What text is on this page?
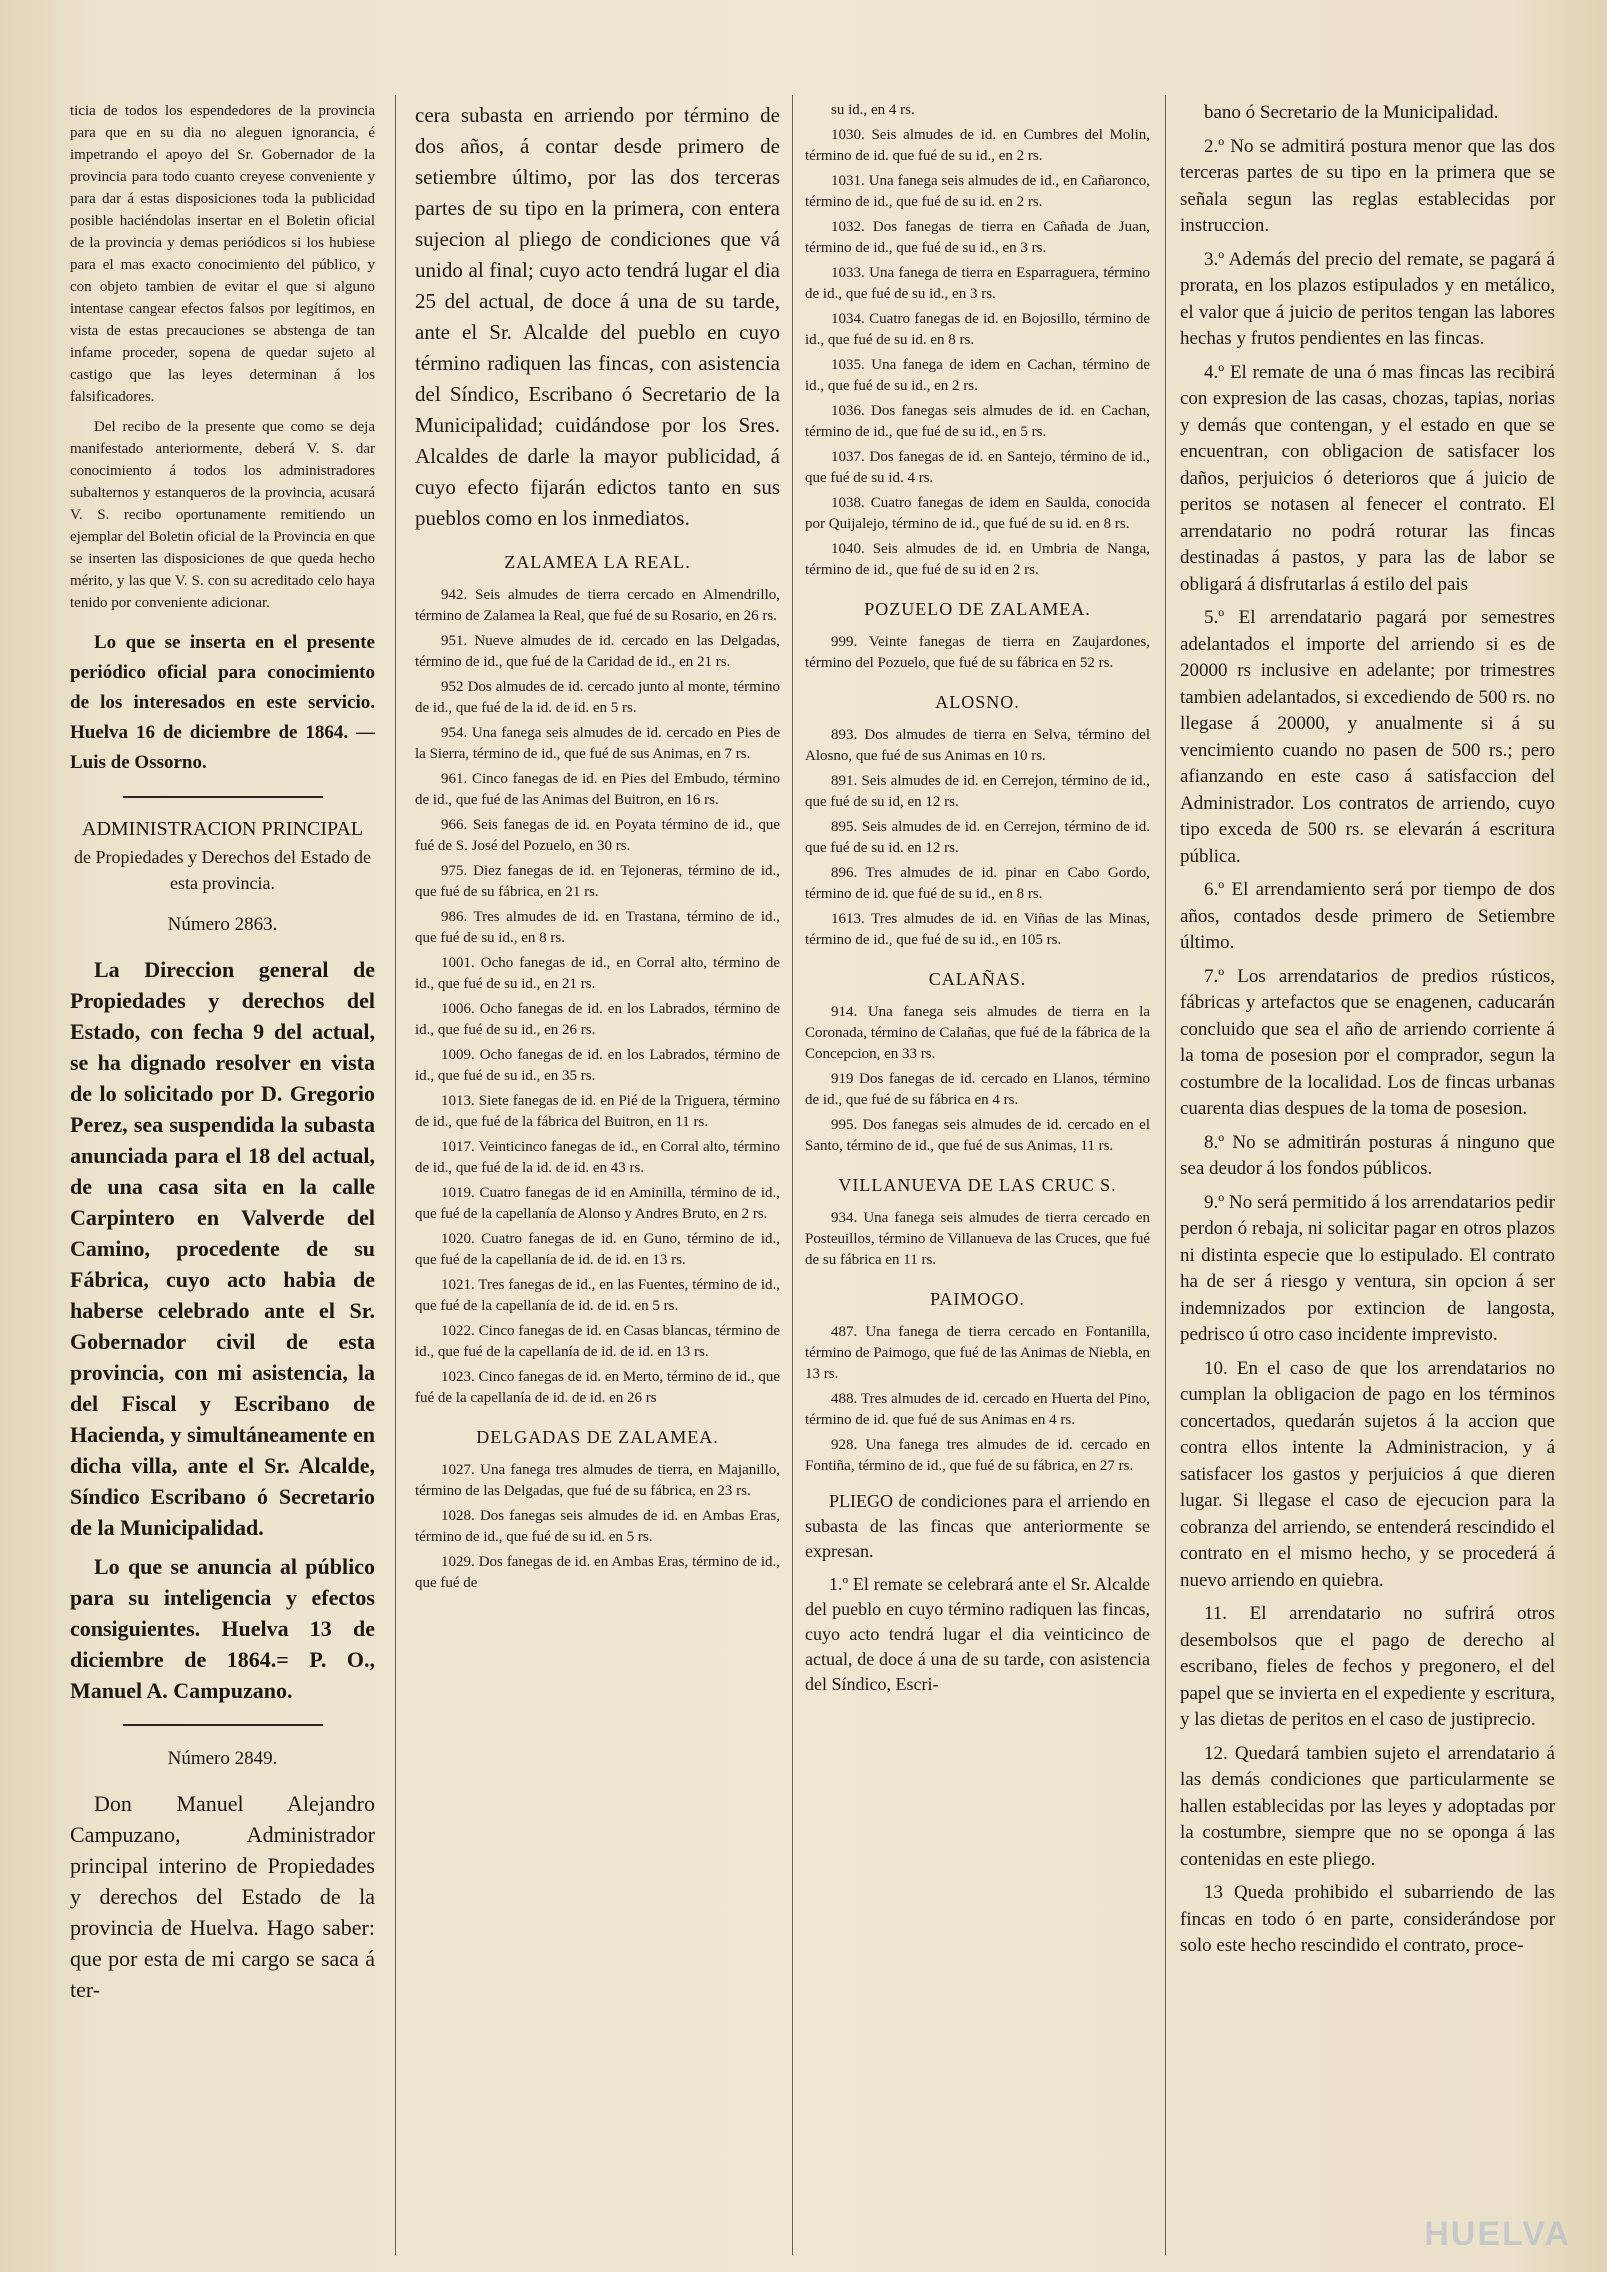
ticia de todos los espendedores de la provincia para que en su dia no aleguen ignorancia, é impetrando el apoyo del Sr. Gobernador de la provincia para todo cuanto creyese conveniente y para dar á estas disposiciones toda la publicidad posible haciéndolas insertar en el Boletin oficial de la provincia y demas periódicos si los hubiese para el mas exacto conocimiento del público, y con objeto tambien de evitar el que si alguno intentase cangear efectos falsos por legítimos, en vista de estas precauciones se abstenga de tan infame proceder, sopena de quedar sujeto al castigo que las leyes determinan á los falsificadores.

Del recibo de la presente que como se deja manifestado anteriormente, deberá V. S. dar conocimiento á todos los administradores subalternos y estanqueros de la provincia, acusará V. S. recibo oportunamente remitiendo un ejemplar del Boletin oficial de la Provincia en que se inserten las disposiciones de que queda hecho mérito, y las que V. S. con su acreditado celo haya tenido por conveniente adicionar.

Lo que se inserta en el presente periódico oficial para conocimiento de los interesados en este servicio. Huelva 16 de diciembre de 1864. —Luis de Ossorno.

ADMINISTRACION PRINCIPAL

de Propiedades y Derechos del Estado de esta provincia.

Número 2863.

La Direccion general de Propiedades y derechos del Estado, con fecha 9 del actual, se ha dignado resolver en vista de lo solicitado por D. Gregorio Perez, sea suspendida la subasta anunciada para el 18 del actual, de una casa sita en la calle Carpintero en Valverde del Camino, procedente de su Fábrica, cuyo acto habia de haberse celebrado ante el Sr. Gobernador civil de esta provincia, con mi asistencia, la del Fiscal y Escribano de Hacienda, y simultáneamente en dicha villa, ante el Sr. Alcalde, Síndico Escribano ó Secretario de la Municipalidad.

Lo que se anuncia al público para su inteligencia y efectos consiguientes. Huelva 13 de diciembre de 1864.= P. O., Manuel A. Campuzano.

Número 2849.

Don Manuel Alejandro Campuzano, Administrador principal interino de Propiedades y derechos del Estado de la provincia de Huelva. Hago saber: que por esta de mi cargo se saca á ter-

cera subasta en arriendo por término de dos años, á contar desde primero de setiembre último, por las dos terceras partes de su tipo en la primera, con entera sujecion al pliego de condiciones que vá unido al final; cuyo acto tendrá lugar el dia 25 del actual, de doce á una de su tarde, ante el Sr. Alcalde del pueblo en cuyo término radiquen las fincas, con asistencia del Síndico, Escribano ó Secretario de la Municipalidad; cuidándose por los Sres. Alcaldes de darle la mayor publicidad, á cuyo efecto fijarán edictos tanto en sus pueblos como en los inmediatos.

ZALAMEA LA REAL.

942. Seis almudes de tierra cercado en Almendrillo, término de Zalamea la Real, que fué de su Rosario, en 26 rs.

951. Nueve almudes de id. cercado en las Delgadas, término de id., que fué de la Caridad de id., en 21 rs.

952 Dos almudes de id. cercado junto al monte, término de id., que fué de la id. de id. en 5 rs.

954. Una fanega seis almudes de id. cercado en Pies de la Sierra, término de id., que fué de sus Animas, en 7 rs.

961. Cinco fanegas de id. en Pies del Embudo, término de id., que fué de las Animas del Buitron, en 16 rs.

966. Seis fanegas de id. en Poyata término de id., que fué de S. José del Pozuelo, en 30 rs.

975. Diez fanegas de id. en Tejoneras, término de id., que fué de su fábrica, en 21 rs.

986. Tres almudes de id. en Trastana, término de id., que fué de su id., en 8 rs.

1001. Ocho fanegas de id., en Corral alto, término de id., que fué de su id., en 21 rs.

1006. Ocho fanegas de id. en los Labrados, término de id., que fué de su id., en 26 rs.

1009. Ocho fanegas de id. en los Labrados, término de id., que fué de su id., en 35 rs.

1013. Siete fanegas de id. en Pié de la Triguera, término de id., que fué de la fábrica del Buitron, en 11 rs.

1017. Veinticinco fanegas de id., en Corral alto, término de id., que fué de la id. de id. en 43 rs.

1019. Cuatro fanegas de id en Aminilla, término de id., que fué de la capellanía de Alonso y Andres Bruto, en 2 rs.

1020. Cuatro fanegas de id. en Guno, término de id., que fué de la capellanía de id. de id. en 13 rs.

1021. Tres fanegas de id., en las Fuentes, término de id., que fué de la capellanía de id. de id. en 5 rs.

1022. Cinco fanegas de id. en Casas blancas, término de id., que fué de la capellanía de id. de id. en 13 rs.

1023. Cinco fanegas de id. en Merto, término de id., que fué de la capellanía de id. de id. en 26 rs

DELGADAS DE ZALAMEA.

1027. Una fanega tres almudes de tierra, en Majanillo, término de las Delgadas, que fué de su fábrica, en 23 rs.

1028. Dos fanegas seis almudes de id. en Ambas Eras, término de id., que fué de su id. en 5 rs.

1029. Dos fanegas de id. en Ambas Eras, término de id., que fué de

su id., en 4 rs.

1030. Seis almudes de id. en Cumbres del Molin, término de id. que fué de su id., en 2 rs.

1031. Una fanega seis almudes de id., en Cañaronco, término de id., que fué de su id. en 2 rs.

1032. Dos fanegas de tierra en Cañada de Juan, término de id., que fué de su id., en 3 rs.

1033. Una fanega de tierra en Esparraguera, término de id., que fué de su id., en 3 rs.

1034. Cuatro fanegas de id. en Bojosillo, término de id., que fué de su id. en 8 rs.

1035. Una fanega de idem en Cachan, término de id., que fué de su id., en 2 rs.

1036. Dos fanegas seis almudes de id. en Cachan, término de id., que fué de su id., en 5 rs.

1037. Dos fanegas de id. en Santejo, término de id., que fué de su id. 4 rs.

1038. Cuatro fanegas de idem en Saulda, conocida por Quijalejo, término de id., que fué de su id. en 8 rs.

1040. Seis almudes de id. en Umbria de Nanga, término de id., que fué de su id en 2 rs.

POZUELO DE ZALAMEA.

999. Veinte fanegas de tierra en Zaujardones, término del Pozuelo, que fué de su fábrica en 52 rs.

ALOSNO.

893. Dos almudes de tierra en Selva, término del Alosno, que fué de sus Animas en 10 rs.

891. Seis almudes de id. en Cerrejon, término de id., que fué de su id, en 12 rs.

895. Seis almudes de id. en Cerrejon, término de id. que fué de su id. en 12 rs.

896. Tres almudes de id. pinar en Cabo Gordo, término de id. que fué de su id., en 8 rs.

1613. Tres almudes de id. en Viñas de las Minas, término de id., que fué de su id., en 105 rs.

CALAÑAS.

914. Una fanega seis almudes de tierra en la Coronada, término de Calañas, que fué de la fábrica de la Concepcion, en 33 rs.

919 Dos fanegas de id. cercado en Llanos, término de id., que fué de su fábrica en 4 rs.

995. Dos fanegas seis almudes de id. cercado en el Santo, término de id., que fué de sus Animas, 11 rs.

VILLANUEVA DE LAS CRUC S.

934. Una fanega seis almudes de tierra cercado en Posteuillos, término de Villanueva de las Cruces, que fué de su fábrica en 11 rs.

PAIMOGO.

487. Una fanega de tierra cercado en Fontanilla, término de Paimogo, que fué de las Animas de Niebla, en 13 rs.

488. Tres almudes de id. cercado en Huerta del Pino, término de id. que fué de sus Animas en 4 rs.

928. Una fanega tres almudes de id. cercado en Fontiña, término de id., que fué de su fábrica, en 27 rs.

PLIEGO de condiciones para el arriendo en subasta de las fincas que anteriormente se expresan.

1.º El remate se celebrará ante el Sr. Alcalde del pueblo en cuyo término radiquen las fincas, cuyo acto tendrá lugar el dia veinticinco de actual, de doce á una de su tarde, con asistencia del Síndico, Escri-

bano ó Secretario de la Municipalidad.

2.º No se admitirá postura menor que las dos terceras partes de su tipo en la primera que se señala segun las reglas establecidas por instruccion.

3.º Además del precio del remate, se pagará á prorata, en los plazos estipulados y en metálico, el valor que á juicio de peritos tengan las labores hechas y frutos pendientes en las fincas.

4.º El remate de una ó mas fincas las recibirá con expresion de las casas, chozas, tapias, norias y demás que contengan, y el estado en que se encuentran, con obligacion de satisfacer los daños, perjuicios ó deterioros que á juicio de peritos se notasen al fenecer el contrato. El arrendatario no podrá roturar las fincas destinadas á pastos, y para las de labor se obligará á disfrutarlas á estilo del pais

5.º El arrendatario pagará por semestres adelantados el importe del arriendo si es de 20000 rs inclusive en adelante; por trimestres tambien adelantados, si excediendo de 500 rs. no llegase á 20000, y anualmente si á su vencimiento cuando no pasen de 500 rs.; pero afianzando en este caso á satisfaccion del Administrador. Los contratos de arriendo, cuyo tipo exceda de 500 rs. se elevarán á escritura pública.

6.º El arrendamiento será por tiempo de dos años, contados desde primero de Setiembre último.

7.º Los arrendatarios de predios rústicos, fábricas y artefactos que se enagenen, caducarán concluido que sea el año de arriendo corriente á la toma de posesion por el comprador, segun la costumbre de la localidad. Los de fincas urbanas cuarenta dias despues de la toma de posesion.

8.º No se admitirán posturas á ninguno que sea deudor á los fondos públicos.

9.º No será permitido á los arrendatarios pedir perdon ó rebaja, ni solicitar pagar en otros plazos ni distinta especie que lo estipulado. El contrato ha de ser á riesgo y ventura, sin opcion á ser indemnizados por extincion de langosta, pedrisco ú otro caso incidente imprevisto.

10. En el caso de que los arrendatarios no cumplan la obligacion de pago en los términos concertados, quedarán sujetos á la accion que contra ellos intente la Administracion, y á satisfacer los gastos y perjuicios á que dieren lugar. Si llegase el caso de ejecucion para la cobranza del arriendo, se entenderá rescindido el contrato en el mismo hecho, y se procederá á nuevo arriendo en quiebra.

11. El arrendatario no sufrirá otros desembolsos que el pago de derecho al escribano, fieles de fechos y pregonero, el del papel que se invierta en el expediente y escritura, y las dietas de peritos en el caso de justiprecio.

12. Quedará tambien sujeto el arrendatario á las demás condiciones que particularmente se hallen establecidas por las leyes y adoptadas por la costumbre, siempre que no se oponga á las contenidas en este pliego.

13 Queda prohibido el subarriendo de las fincas en todo ó en parte, considerándose por solo este hecho rescindido el contrato, proce-

HUELVA
